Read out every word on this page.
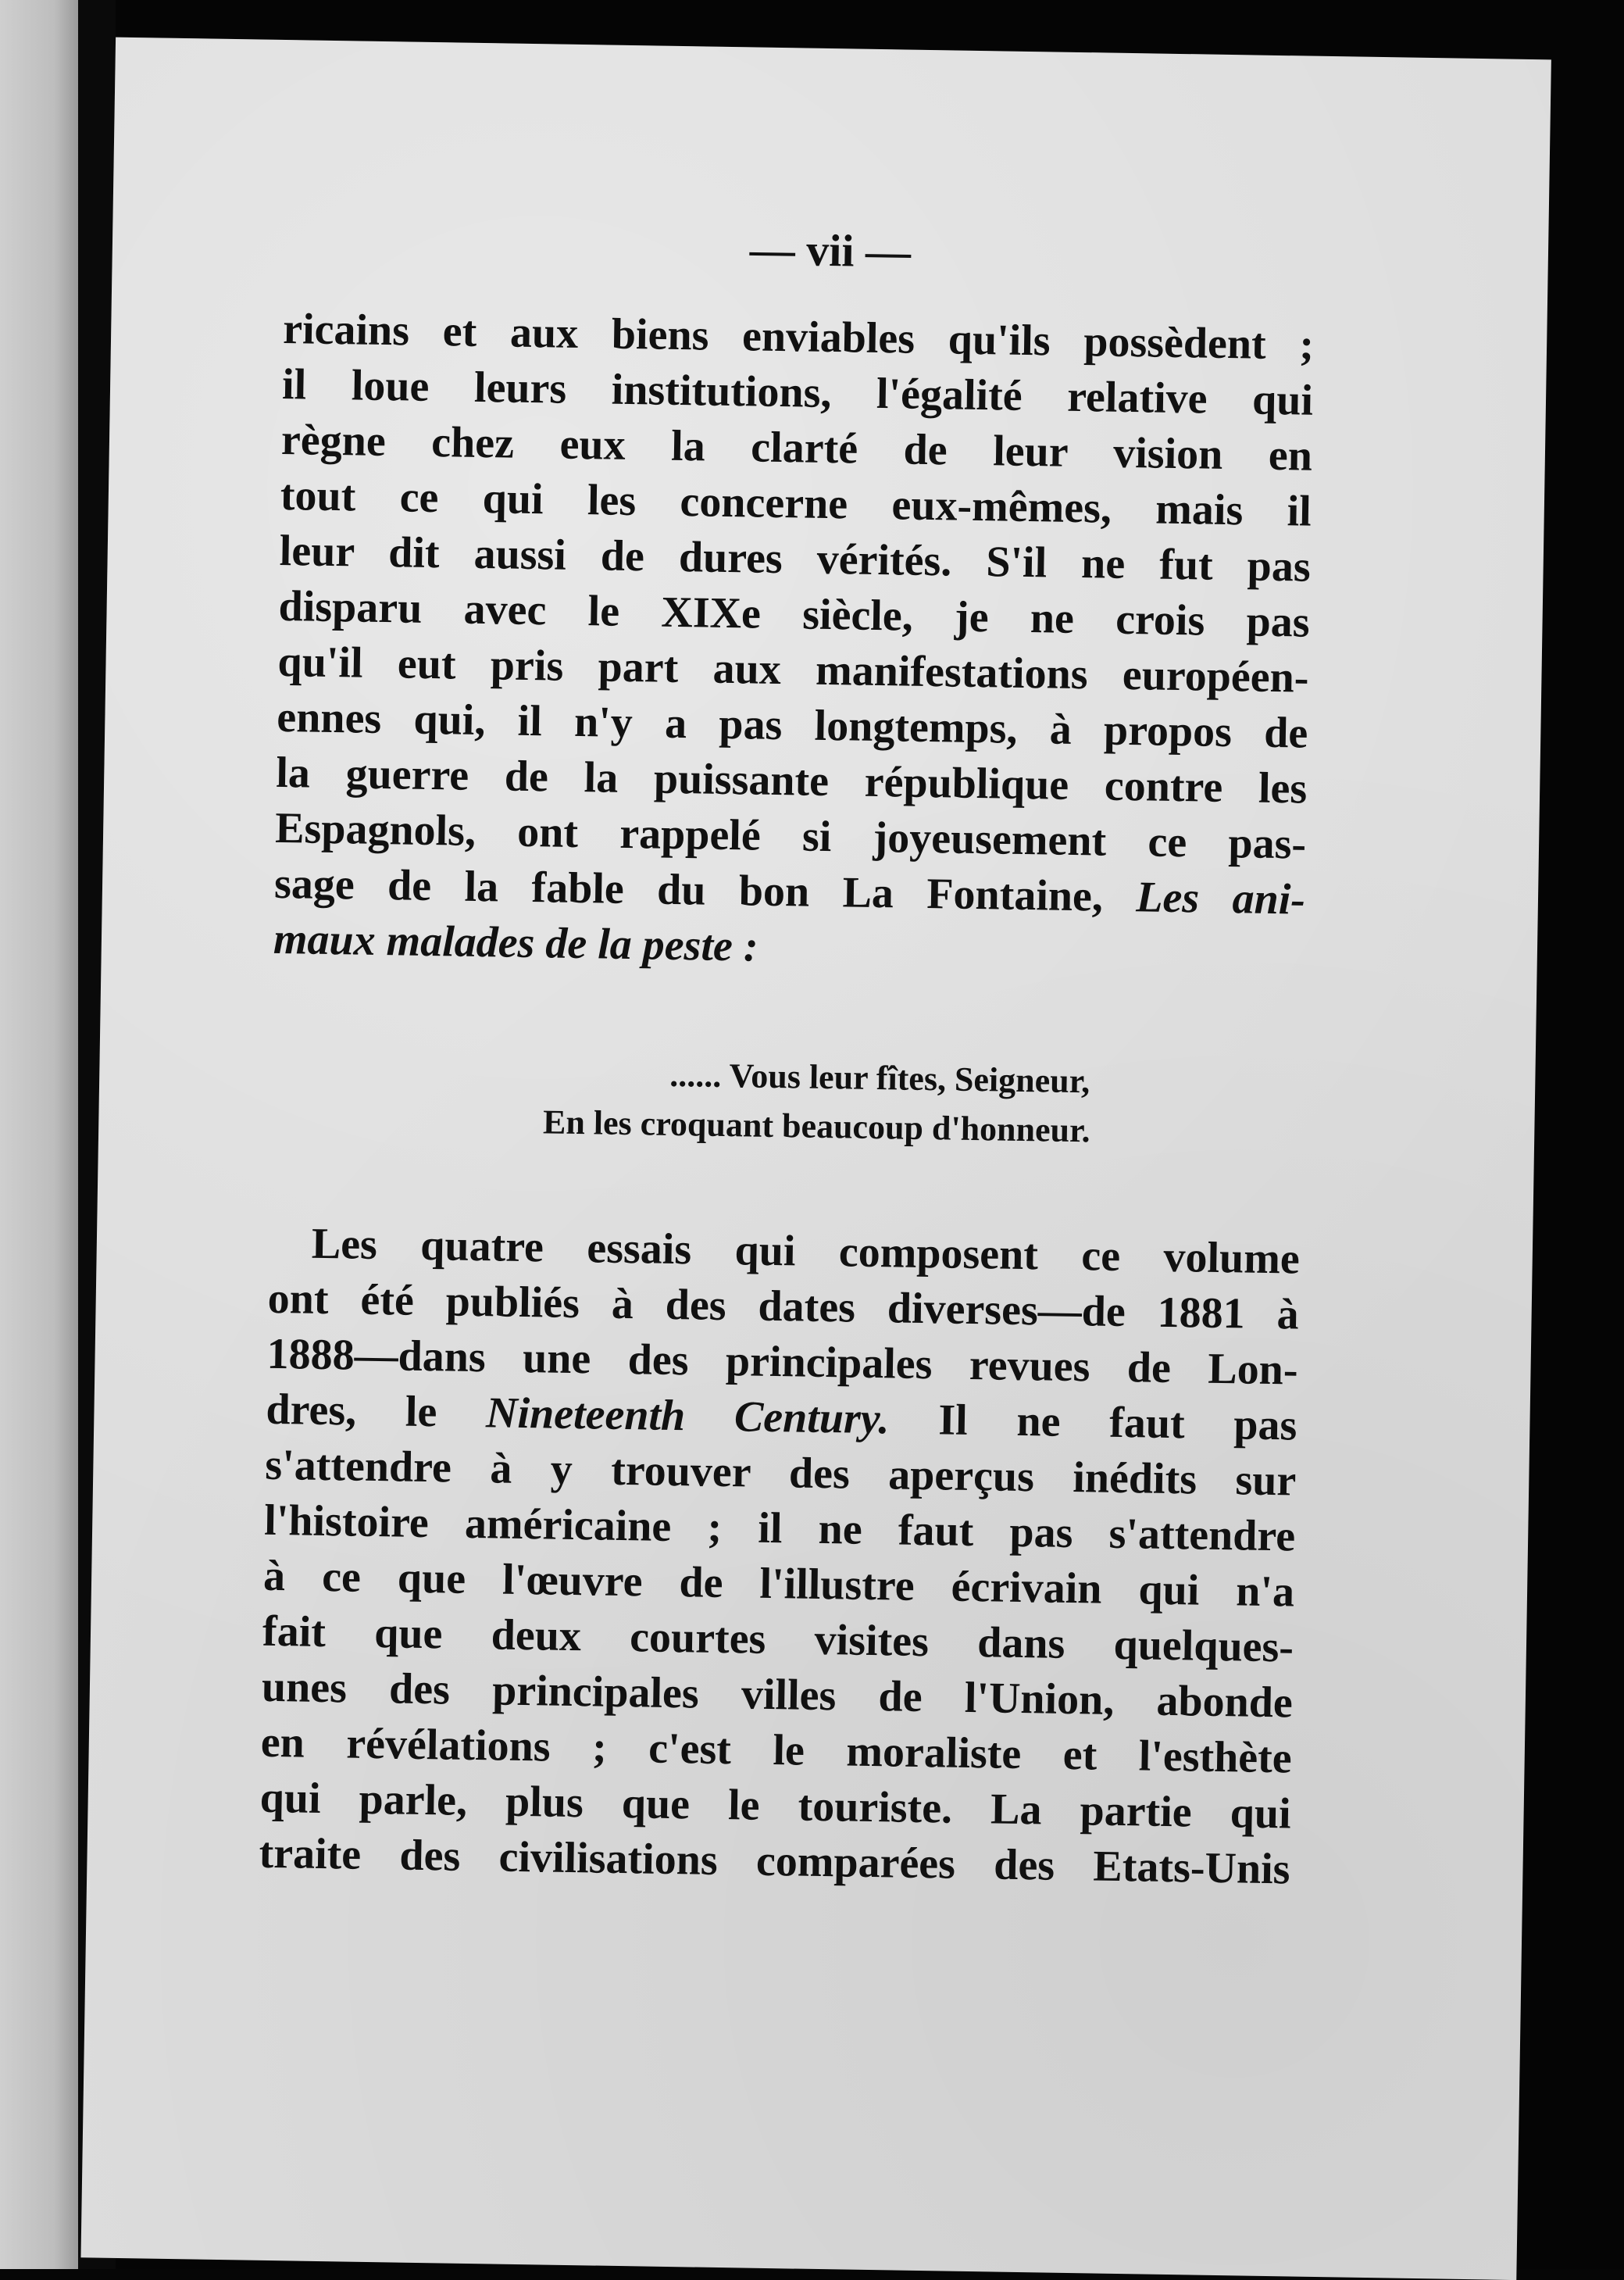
— vii —
ricains et aux biens enviables qu'ils possèdent ;
il loue leurs institutions, l'égalité relative qui
règne chez eux la clarté de leur vision en
tout ce qui les concerne eux-mêmes, mais il
leur dit aussi de dures vérités. S'il ne fut pas
disparu avec le XIXe siècle, je ne crois pas
qu'il eut pris part aux manifestations européen-
ennes qui, il n'y a pas longtemps, à propos de
la guerre de la puissante république contre les
Espagnols, ont rappelé si joyeusement ce pas-
sage de la fable du bon La Fontaine, Les ani-
maux malades de la peste :
...... Vous leur fîtes, Seigneur,
En les croquant beaucoup d'honneur.
Les quatre essais qui composent ce volume
ont été publiés à des dates diverses—de 1881 à
1888—dans une des principales revues de Lon-
dres, le Nineteenth Century. Il ne faut pas
s'attendre à y trouver des aperçus inédits sur
l'histoire américaine ; il ne faut pas s'attendre
à ce que l'œuvre de l'illustre écrivain qui n'a
fait que deux courtes visites dans quelques-
unes des principales villes de l'Union, abonde
en révélations ; c'est le moraliste et l'esthète
qui parle, plus que le touriste. La partie qui
traite des civilisations comparées des Etats-Unis
